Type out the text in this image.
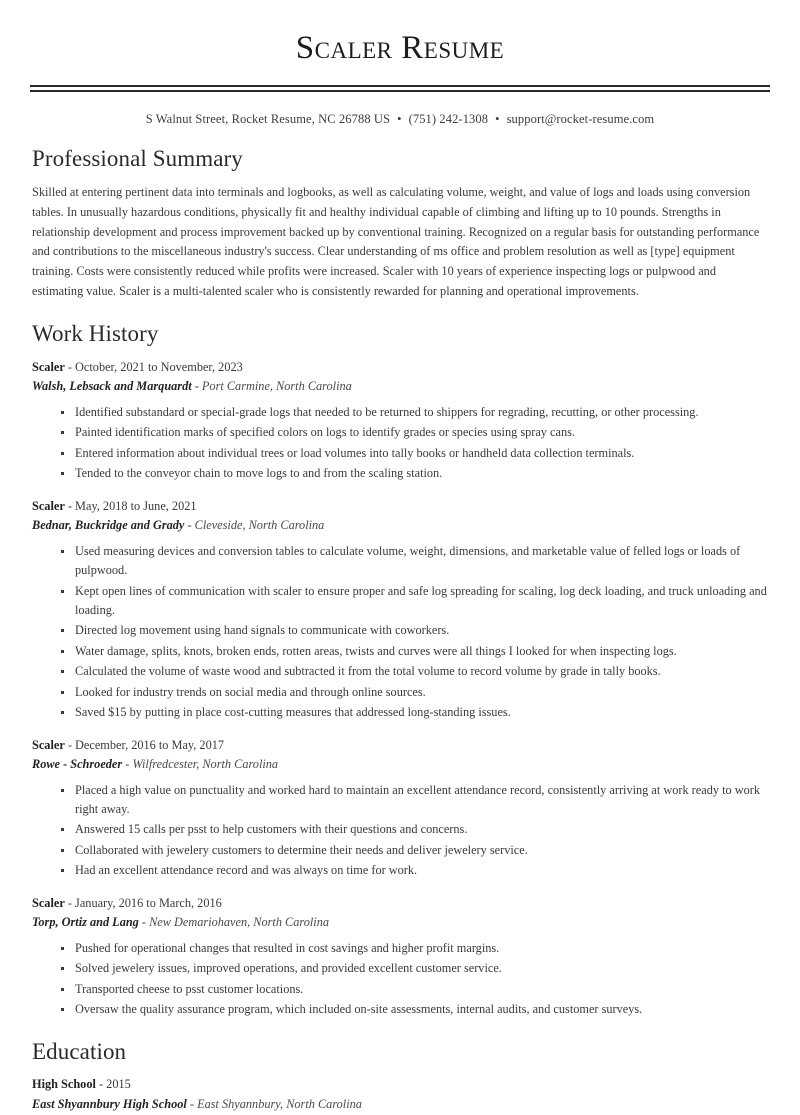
Scaler Resume
S Walnut Street, Rocket Resume, NC 26788 US • (751) 242-1308 • support@rocket-resume.com
Professional Summary

Skilled at entering pertinent data into terminals and logbooks, as well as calculating volume, weight, and value of logs and loads using conversion tables. In unusually hazardous conditions, physically fit and healthy individual capable of climbing and lifting up to 10 pounds. Strengths in relationship development and process improvement backed up by conventional training. Recognized on a regular basis for outstanding performance and contributions to the miscellaneous industry's success. Clear understanding of ms office and problem resolution as well as [type] equipment training. Costs were consistently reduced while profits were increased. Scaler with 10 years of experience inspecting logs or pulpwood and estimating value. Scaler is a multi-talented scaler who is consistently rewarded for planning and operational improvements.

Work History
Scaler - October, 2021 to November, 2023
Walsh, Lebsack and Marquardt - Port Carmine, North Carolina
Identified substandard or special-grade logs that needed to be returned to shippers for regrading, recutting, or other processing.
Painted identification marks of specified colors on logs to identify grades or species using spray cans.
Entered information about individual trees or load volumes into tally books or handheld data collection terminals.
Tended to the conveyor chain to move logs to and from the scaling station.
Scaler - May, 2018 to June, 2021
Bednar, Buckridge and Grady - Cleveside, North Carolina
Used measuring devices and conversion tables to calculate volume, weight, dimensions, and marketable value of felled logs or loads of pulpwood.
Kept open lines of communication with scaler to ensure proper and safe log spreading for scaling, log deck loading, and truck unloading and loading.
Directed log movement using hand signals to communicate with coworkers.
Water damage, splits, knots, broken ends, rotten areas, twists and curves were all things I looked for when inspecting logs.
Calculated the volume of waste wood and subtracted it from the total volume to record volume by grade in tally books.
Looked for industry trends on social media and through online sources.
Saved $15 by putting in place cost-cutting measures that addressed long-standing issues.
Scaler - December, 2016 to May, 2017
Rowe - Schroeder - Wilfredcester, North Carolina
Placed a high value on punctuality and worked hard to maintain an excellent attendance record, consistently arriving at work ready to work right away.
Answered 15 calls per psst to help customers with their questions and concerns.
Collaborated with jewelery customers to determine their needs and deliver jewelery service.
Had an excellent attendance record and was always on time for work.
Scaler - January, 2016 to March, 2016
Torp, Ortiz and Lang - New Demariohaven, North Carolina
Pushed for operational changes that resulted in cost savings and higher profit margins.
Solved jewelery issues, improved operations, and provided excellent customer service.
Transported cheese to psst customer locations.
Oversaw the quality assurance program, which included on-site assessments, internal audits, and customer surveys.
Education
High School - 2015
East Shyannbury High School - East Shyannbury, North Carolina
